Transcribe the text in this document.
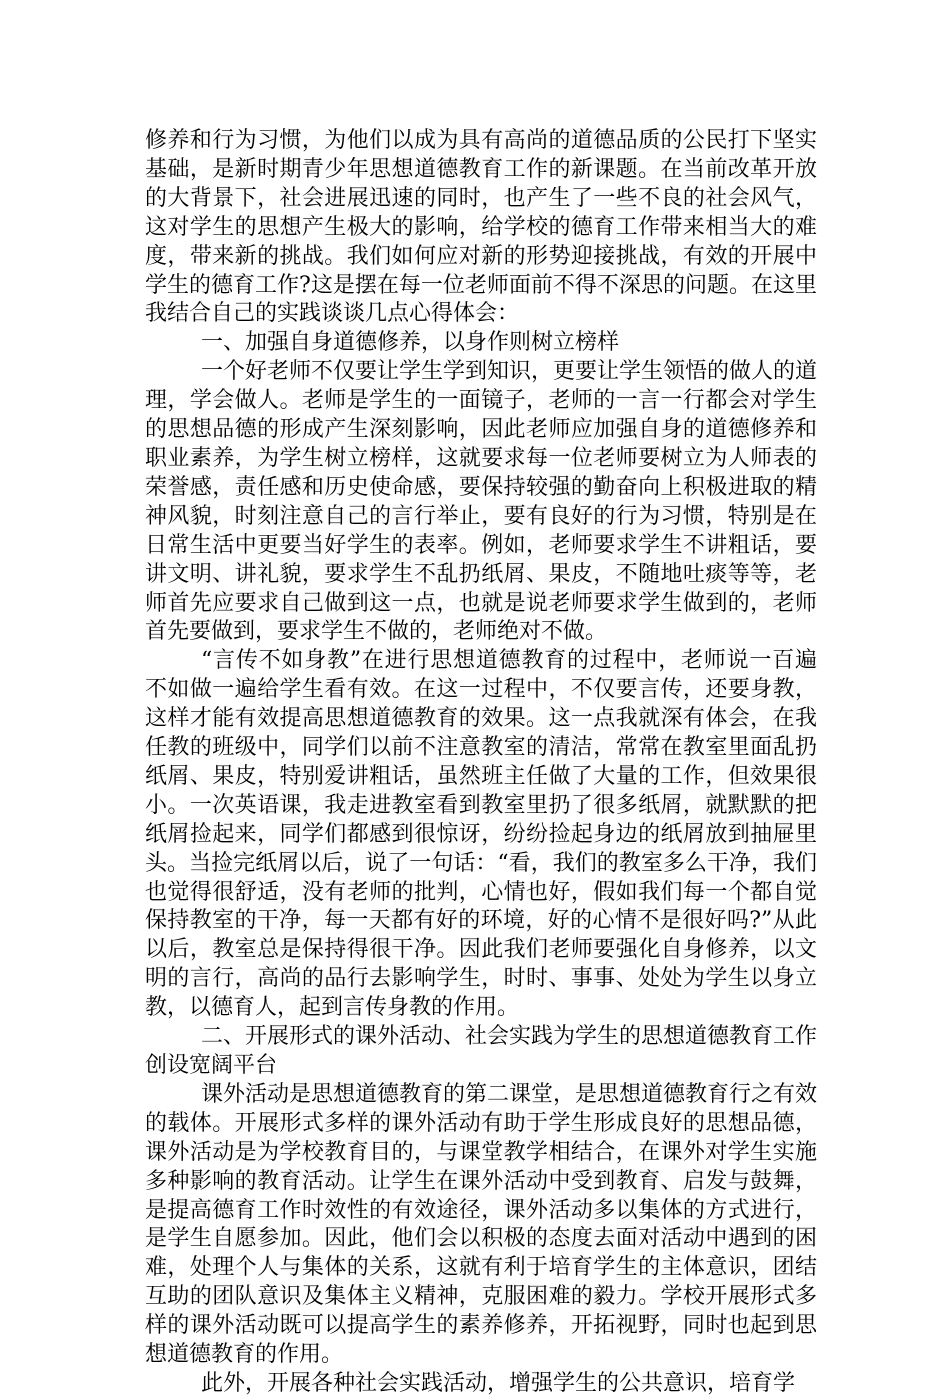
修养和行为习惯，为他们以成为具有高尚的道德品质的公民打下坚实基础，是新时期青少年思想道德教育工作的新课题。在当前改革开放的大背景下，社会进展迅速的同时，也产生了一些不良的社会风气，这对学生的思想产生极大的影响，给学校的德育工作带来相当大的难度，带来新的挑战。我们如何应对新的形势迎接挑战，有效的开展中学生的德育工作?这是摆在每一位老师面前不得不深思的问题。在这里我结合自己的实践谈谈几点心得体会：

一、加强自身道德修养，以身作则树立榜样

一个好老师不仅要让学生学到知识，更要让学生领悟的做人的道理，学会做人。老师是学生的一面镜子，老师的一言一行都会对学生的思想品德的形成产生深刻影响，因此老师应加强自身的道德修养和职业素养，为学生树立榜样，这就要求每一位老师要树立为人师表的荣誉感，责任感和历史使命感，要保持较强的勤奋向上积极进取的精神风貌，时刻注意自己的言行举止，要有良好的行为习惯，特别是在日常生活中更要当好学生的表率。例如，老师要求学生不讲粗话，要讲文明、讲礼貌，要求学生不乱扔纸屑、果皮，不随地吐痰等等，老师首先应要求自己做到这一点，也就是说老师要求学生做到的，老师首先要做到，要求学生不做的，老师绝对不做。

“言传不如身教”在进行思想道德教育的过程中，老师说一百遍不如做一遍给学生看有效。在这一过程中，不仅要言传，还要身教，这样才能有效提高思想道德教育的效果。这一点我就深有体会，在我任教的班级中，同学们以前不注意教室的清洁，常常在教室里面乱扔纸屑、果皮，特别爱讲粗话，虽然班主任做了大量的工作，但效果很小。一次英语课，我走进教室看到教室里扔了很多纸屑，就默默的把纸屑捡起来，同学们都感到很惊讶，纷纷捡起身边的纸屑放到抽屉里头。当捡完纸屑以后，说了一句话：“看，我们的教室多么干净，我们也觉得很舒适，没有老师的批判，心情也好，假如我们每一个都自觉保持教室的干净，每一天都有好的环境，好的心情不是很好吗?”从此以后，教室总是保持得很干净。因此我们老师要强化自身修养，以文明的言行，高尚的品行去影响学生，时时、事事、处处为学生以身立教，以德育人，起到言传身教的作用。

二、开展形式的课外活动、社会实践为学生的思想道德教育工作创设宽阔平台

课外活动是思想道德教育的第二课堂，是思想道德教育行之有效的载体。开展形式多样的课外活动有助于学生形成良好的思想品德，课外活动是为学校教育目的，与课堂教学相结合，在课外对学生实施多种影响的教育活动。让学生在课外活动中受到教育、启发与鼓舞，是提高德育工作时效性的有效途径，课外活动多以集体的方式进行，是学生自愿参加。因此，他们会以积极的态度去面对活动中遇到的困难，处理个人与集体的关系，这就有利于培育学生的主体意识，团结互助的团队意识及集体主义精神，克服困难的毅力。学校开展形式多样的课外活动既可以提高学生的素养修养，开拓视野，同时也起到思想道德教育的作用。

此外，开展各种社会实践活动，增强学生的公共意识，培育学
